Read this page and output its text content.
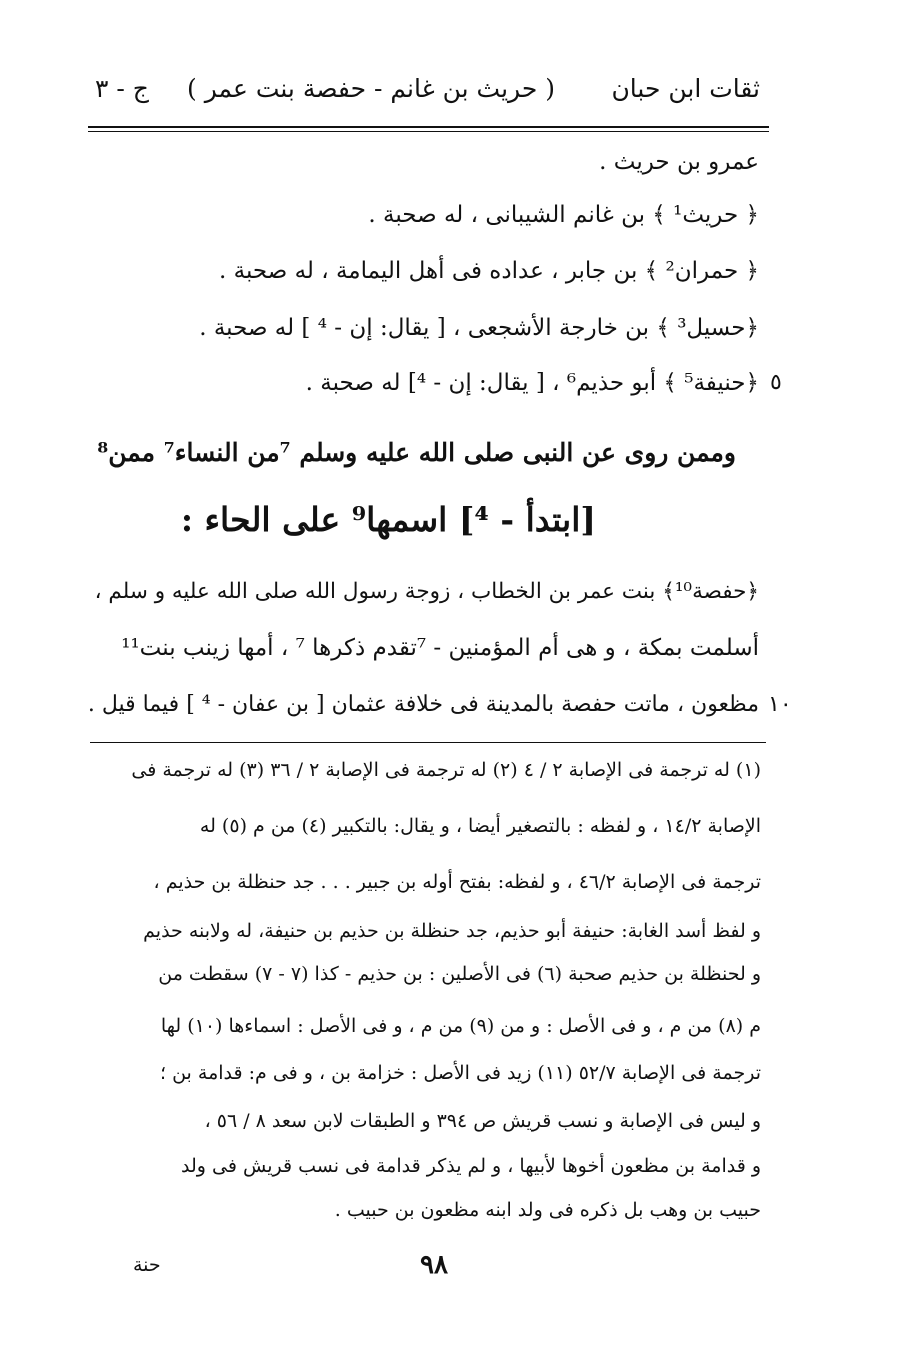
ثقات ابن حبان
( حريث بن غانم - حفصة بنت عمر )
ج - ٣
عمرو بن حريث .
﴿ حريث¹ ﴾ بن غانم الشيبانى ، له صحبة .
﴿ حمران² ﴾ بن جابر ، عداده فى أهل اليمامة ، له صحبة .
﴿حسيل³ ﴾ بن خارجة الأشجعى ، [ يقال: إن - ⁴ ] له صحبة .
﴿حنيفة⁵ ﴾ أبو حذيم⁶ ، [ يقال: إن - ⁴] له صحبة . ٥
وممن روى عن النبى صلى الله عليه وسلم ⁷من النساء⁷ ممن⁸
[ابتدأ - ⁴] اسمها⁹ على الحاء :
﴿حفصة¹⁰﴾ بنت عمر بن الخطاب ، زوجة رسول الله صلى الله عليه و سلم ،
أسلمت بمكة ، و هى أم المؤمنين - ⁷تقدم ذكرها ⁷ ، أمها زينب بنت¹¹
مظعون ، ماتت حفصة بالمدينة فى خلافة عثمان [ بن عفان - ⁴ ] فيما قيل . ١٠
(١) له ترجمة فى الإصابة ٢ / ٤ (٢) له ترجمة فى الإصابة ٢ / ٣٦ (٣) له ترجمة فى
الإصابة ١٤/٢ ، و لفظه : بالتصغير أيضا ، و يقال: بالتكبير (٤) من م (٥) له
ترجمة فى الإصابة ٤٦/٢ ، و لفظه: بفتح أوله بن جبير . . . جد حنظلة بن حذيم ،
و لفظ أسد الغابة: حنيفة أبو حذيم، جد حنظلة بن حذيم بن حنيفة، له ولابنه حذيم
و لحنظلة بن حذيم صحبة (٦) فى الأصلين : بن حذيم - كذا (٧ - ٧) سقطت من
م (٨) من م ، و فى الأصل : و من (٩) من م ، و فى الأصل : اسماءها (١٠) لها
ترجمة فى الإصابة ٥٢/٧ (١١) زيد فى الأصل : خزامة بن ، و فى م: قدامة بن ؛
و ليس فى الإصابة و نسب قريش ص ٣٩٤ و الطبقات لابن سعد ٨ / ٥٦ ،
و قدامة بن مظعون أخوها لأبيها ، و لم يذكر قدامة فى نسب قريش فى ولد
حبيب بن وهب بل ذكره فى ولد ابنه مظعون بن حبيب .
٩٨
حنة
